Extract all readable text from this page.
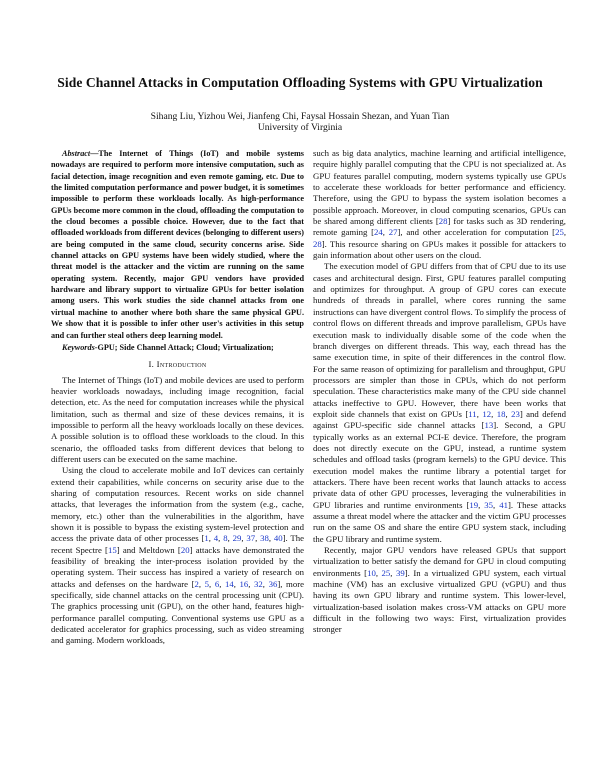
Side Channel Attacks in Computation Offloading Systems with GPU Virtualization
Sihang Liu, Yizhou Wei, Jianfeng Chi, Faysal Hossain Shezan, and Yuan Tian
University of Virginia

Abstract—The Internet of Things (IoT) and mobile systems nowadays are required to perform more intensive computation, such as facial detection, image recognition and even remote gaming, etc. Due to the limited computation performance and power budget, it is sometimes impossible to perform these workloads locally. As high-performance GPUs become more common in the cloud, offloading the computation to the cloud becomes a possible choice. However, due to the fact that offloaded workloads from different devices (belonging to different users) are being computed in the same cloud, security concerns arise. Side channel attacks on GPU systems have been widely studied, where the threat model is the attacker and the victim are running on the same operating system. Recently, major GPU vendors have provided hardware and library support to virtualize GPUs for better isolation among users. This work studies the side channel attacks from one virtual machine to another where both share the same physical GPU. We show that it is possible to infer other user's activities in this setup and can further steal others deep learning model.

Keywords-GPU; Side Channel Attack; Cloud; Virtualization;

I. Introduction

The Internet of Things (IoT) and mobile devices are used to perform heavier workloads nowadays, including image recognition, facial detection, etc. As the need for computation increases while the physical limitation, such as thermal and size of these devices remains, it is impossible to perform all the heavy workloads locally on these devices. A possible solution is to offload these workloads to the cloud. In this scenario, the offloaded tasks from different devices that belong to different users can be executed on the same machine.

Using the cloud to accelerate mobile and IoT devices can certainly extend their capabilities, while concerns on security arise due to the sharing of computation resources. Recent works on side channel attacks, that leverages the information from the system (e.g., cache, memory, etc.) other than the vulnerabilities in the algorithm, have shown it is possible to bypass the existing system-level protection and access the private data of other processes [1, 4, 8, 29, 37, 38, 40]. The recent Spectre [15] and Meltdown [20] attacks have demonstrated the feasibility of breaking the inter-process isolation provided by the operating system. Their success has inspired a variety of research on attacks and defenses on the hardware [2, 5, 6, 14, 16, 32, 36], more specifically, side channel attacks on the central processing unit (CPU). The graphics processing unit (GPU), on the other hand, features high-performance parallel computing. Conventional systems use GPU as a dedicated accelerator for graphics processing, such as video streaming and gaming. Modern workloads,

such as big data analytics, machine learning and artificial intelligence, require highly parallel computing that the CPU is not specialized at. As GPU features parallel computing, modern systems typically use GPUs to accelerate these workloads for better performance and efficiency. Therefore, using the GPU to bypass the system isolation becomes a possible approach. Moreover, in cloud computing scenarios, GPUs can be shared among different clients [28] for tasks such as 3D rendering, remote gaming [24, 27], and other acceleration for computation [25, 28]. This resource sharing on GPUs makes it possible for attackers to gain information about other users on the cloud.

The execution model of GPU differs from that of CPU due to its use cases and architectural design. First, GPU features parallel computing and optimizes for throughput. A group of GPU cores can execute hundreds of threads in parallel, where cores running the same instructions can have divergent control flows. To simplify the process of control flows on different threads and improve parallelism, GPUs have execution mask to individually disable some of the code when the branch diverges on different threads. This way, each thread has the same execution time, in spite of their differences in the control flow. For the same reason of optimizing for parallelism and throughput, GPU processors are simpler than those in CPUs, which do not perform speculation. These characteristics make many of the CPU side channel attacks ineffective to GPU. However, there have been works that exploit side channels that exist on GPUs [11, 12, 18, 23] and defend against GPU-specific side channel attacks [13]. Second, a GPU typically works as an external PCI-E device. Therefore, the program does not directly execute on the GPU, instead, a runtime system schedules and offload tasks (program kernels) to the GPU device. This execution model makes the runtime library a potential target for attackers. There have been recent works that launch attacks to access private data of other GPU processes, leveraging the vulnerabilities in GPU libraries and runtime environments [19, 35, 41]. These attacks assume a threat model where the attacker and the victim GPU processes run on the same OS and share the entire GPU system stack, including the GPU library and runtime system.

Recently, major GPU vendors have released GPUs that support virtualization to better satisfy the demand for GPU in cloud computing environments [10, 25, 39]. In a virtualized GPU system, each virtual machine (VM) has an exclusive virtualized GPU (vGPU) and thus having its own GPU library and runtime system. This lower-level, virtualization-based isolation makes cross-VM attacks on GPU more difficult in the following two ways: First, virtualization provides stronger
